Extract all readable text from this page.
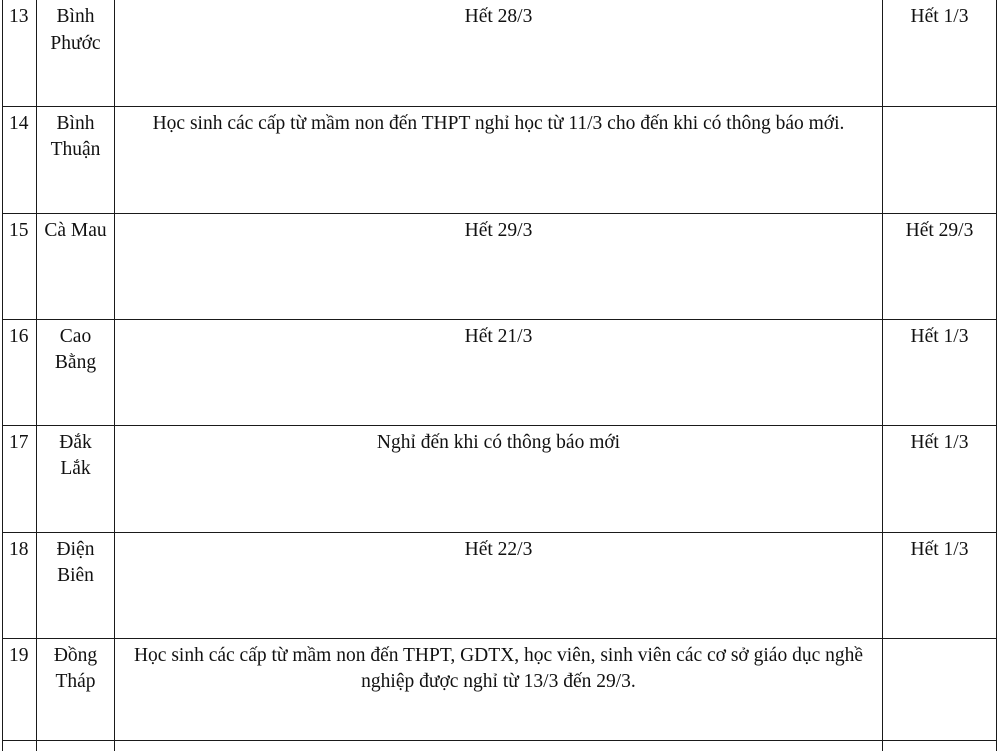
13	Bình Phước	Hết 28/3	Hết 1/3
14	Bình Thuận	Học sinh các cấp từ mầm non đến THPT nghỉ học từ 11/3 cho đến khi có thông báo mới.	
15	Cà Mau	Hết 29/3	Hết 29/3
16	Cao Bằng	Hết 21/3	Hết 1/3
17	Đắk Lắk	Nghỉ đến khi có thông báo mới	Hết 1/3
18	Điện Biên	Hết 22/3	Hết 1/3
19	Đồng Tháp	Học sinh các cấp từ mầm non đến THPT, GDTX, học viên, sinh viên các cơ sở giáo dục nghề nghiệp được nghỉ từ 13/3 đến 29/3.	
